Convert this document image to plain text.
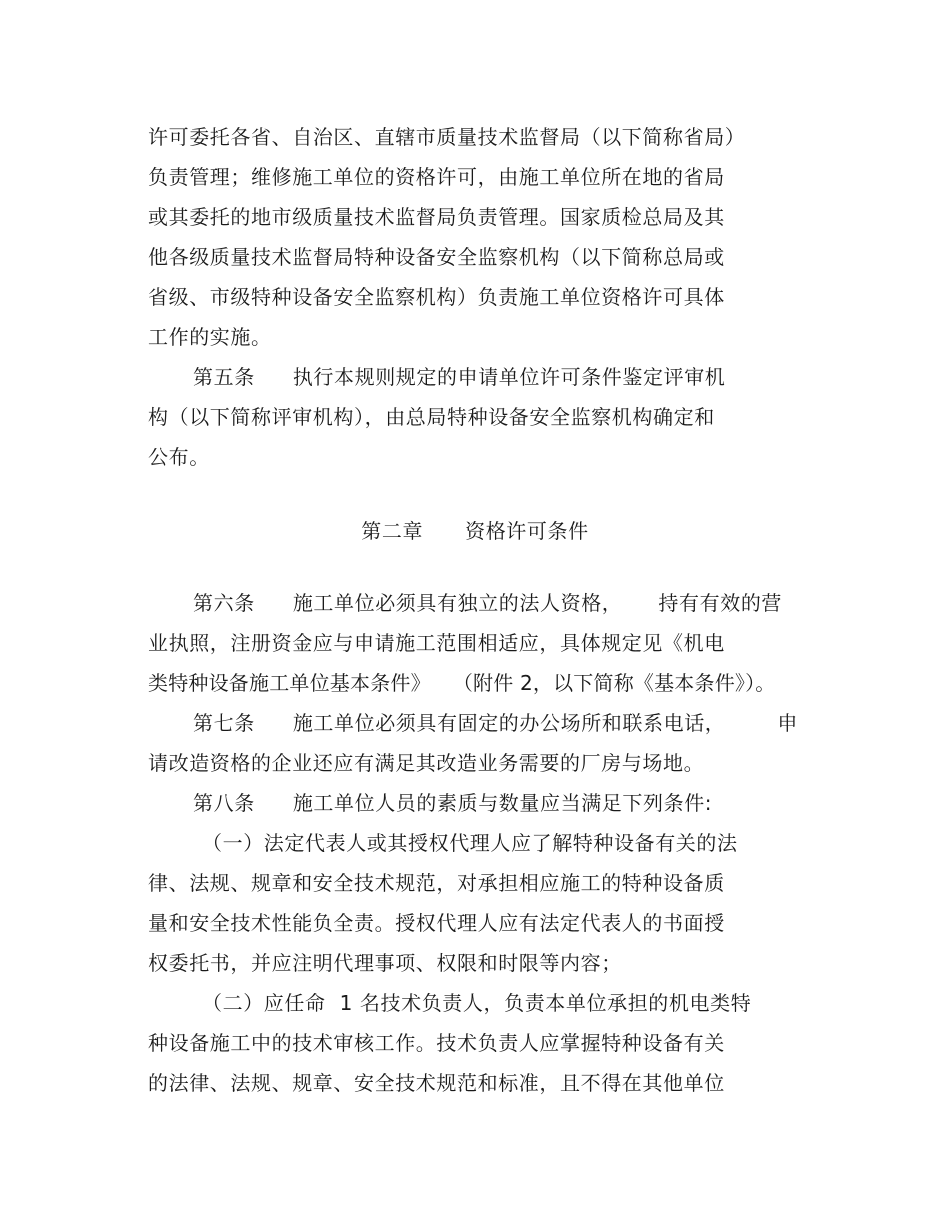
许可委托各省、自治区、直辖市质量技术监督局（以下简称省局）
负责管理；维修施工单位的资格许可，由施工单位所在地的省局
或其委托的地市级质量技术监督局负责管理。国家质检总局及其
他各级质量技术监督局特种设备安全监察机构（以下简称总局或
省级、市级特种设备安全监察机构）负责施工单位资格许可具体
工作的实施。
第五条 执行本规则规定的申请单位许可条件鉴定评审机
构（以下简称评审机构），由总局特种设备安全监察机构确定和
公布。
第二章 资格许可条件
第六条 施工单位必须具有独立的法人资格， 持有有效的营
业执照，注册资金应与申请施工范围相适应，具体规定见《机电
类特种设备施工单位基本条件》 （附件 2，以下简称《基本条件》）。
第七条 施工单位必须具有固定的办公场所和联系电话，	申
请改造资格的企业还应有满足其改造业务需要的厂房与场地。
第八条 施工单位人员的素质与数量应当满足下列条件:
（一）法定代表人或其授权代理人应了解特种设备有关的法
律、法规、规章和安全技术规范，对承担相应施工的特种设备质
量和安全技术性能负全责。授权代理人应有法定代表人的书面授
权委托书，并应注明代理事项、权限和时限等内容；
（二）应任命 1 名技术负责人，负责本单位承担的机电类特
种设备施工中的技术审核工作。技术负责人应掌握特种设备有关
的法律、法规、规章、安全技术规范和标准，且不得在其他单位
